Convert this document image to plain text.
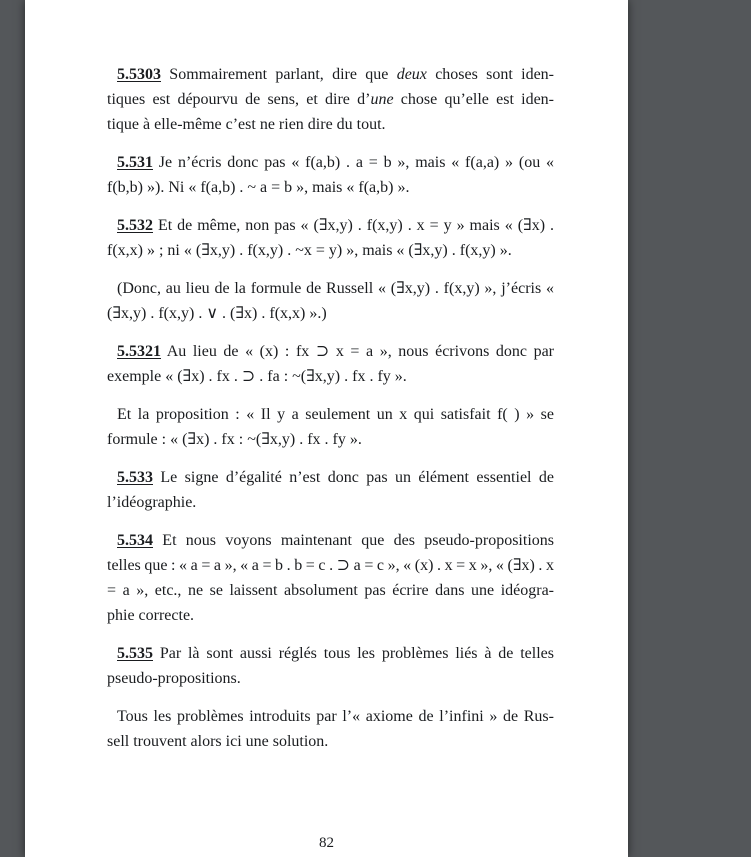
5.5303 Sommairement parlant, dire que deux choses sont iden-
tiques est dépourvu de sens, et dire d’une chose qu’elle est iden-
tique à elle-même c’est ne rien dire du tout.
5.531 Je n’écris donc pas « f(a,b) . a = b », mais « f(a,a) » (ou «
f(b,b) »). Ni « f(a,b) . ~ a = b », mais « f(a,b) ».
5.532 Et de même, non pas « (∃x,y) . f(x,y) . x = y » mais « (∃x) .
f(x,x) » ; ni « (∃x,y) . f(x,y) . ~x = y) », mais « (∃x,y) . f(x,y) ».
(Donc, au lieu de la formule de Russell « (∃x,y) . f(x,y) », j’écris «
(∃x,y) . f(x,y) . ∨ . (∃x) . f(x,x) ».)
5.5321 Au lieu de « (x) : fx ⊃ x = a », nous écrivons donc par
exemple « (∃x) . fx . ⊃ . fa : ~(∃x,y) . fx . fy ».
Et la proposition : « Il y a seulement un x qui satisfait f( ) » se
formule : « (∃x) . fx : ~(∃x,y) . fx . fy ».
5.533 Le signe d’égalité n’est donc pas un élément essentiel de
l’idéographie.
5.534 Et nous voyons maintenant que des pseudo-propositions
telles que : « a = a », « a = b . b = c . ⊃ a = c », « (x) . x = x », « (∃x) . x
= a », etc., ne se laissent absolument pas écrire dans une idéogra-
phie correcte.
5.535 Par là sont aussi réglés tous les problèmes liés à de telles
pseudo-propositions.
Tous les problèmes introduits par l’« axiome de l’infini » de Rus-
sell trouvent alors ici une solution.
82
